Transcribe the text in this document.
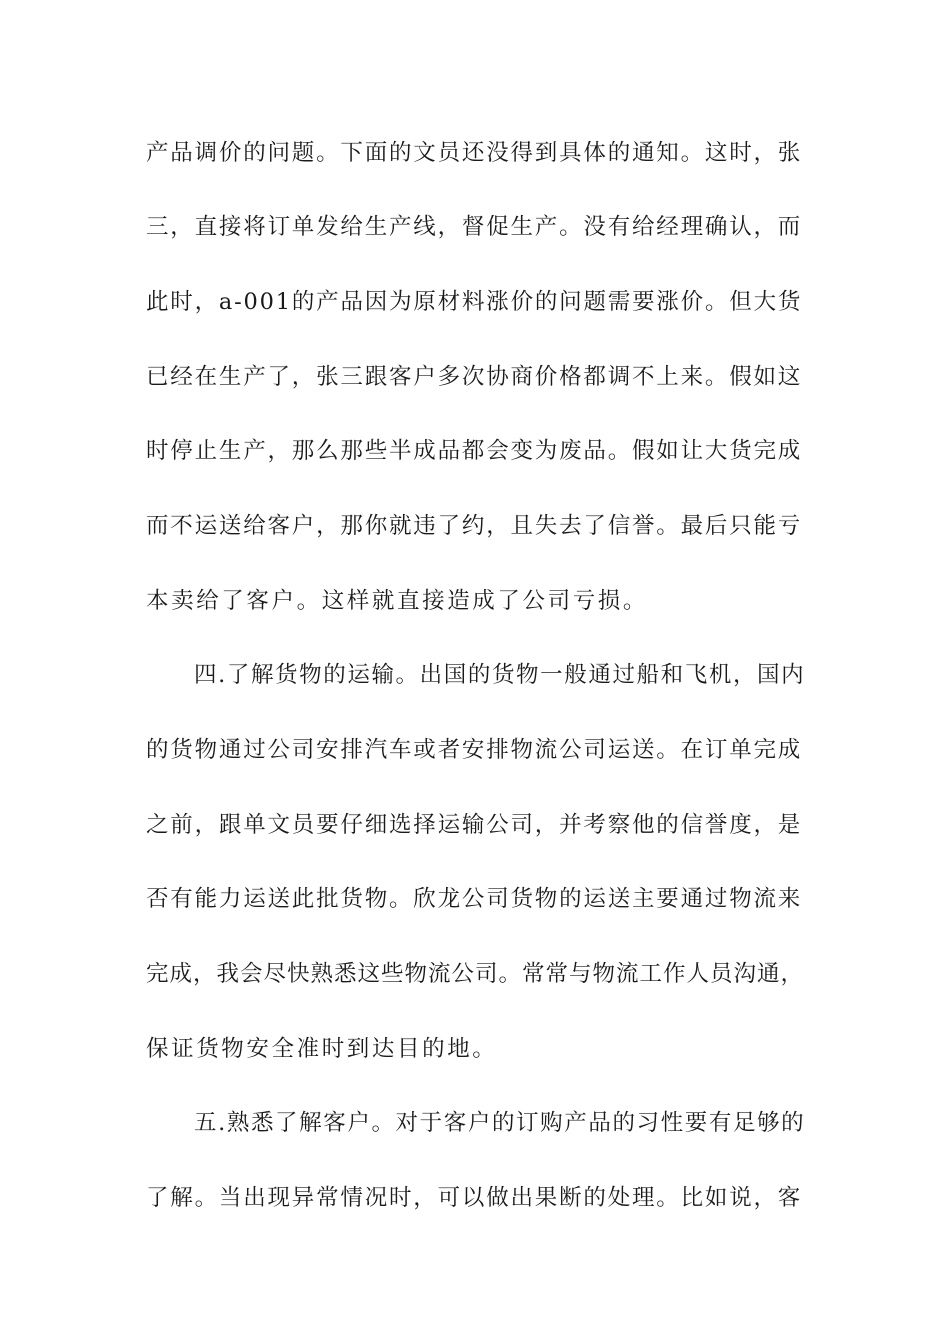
产品调价的问题。下面的文员还没得到具体的通知。这时，张
三，直接将订单发给生产线，督促生产。没有给经理确认，而
此时，a-001的产品因为原材料涨价的问题需要涨价。但大货
已经在生产了，张三跟客户多次协商价格都调不上来。假如这
时停止生产，那么那些半成品都会变为废品。假如让大货完成
而不运送给客户，那你就违了约，且失去了信誉。最后只能亏
本卖给了客户。这样就直接造成了公司亏损。
四.了解货物的运输。出国的货物一般通过船和飞机，国内
的货物通过公司安排汽车或者安排物流公司运送。在订单完成
之前，跟单文员要仔细选择运输公司，并考察他的信誉度，是
否有能力运送此批货物。欣龙公司货物的运送主要通过物流来
完成，我会尽快熟悉这些物流公司。常常与物流工作人员沟通，
保证货物安全准时到达目的地。
五.熟悉了解客户。对于客户的订购产品的习性要有足够的
了解。当出现异常情况时，可以做出果断的处理。比如说，客
